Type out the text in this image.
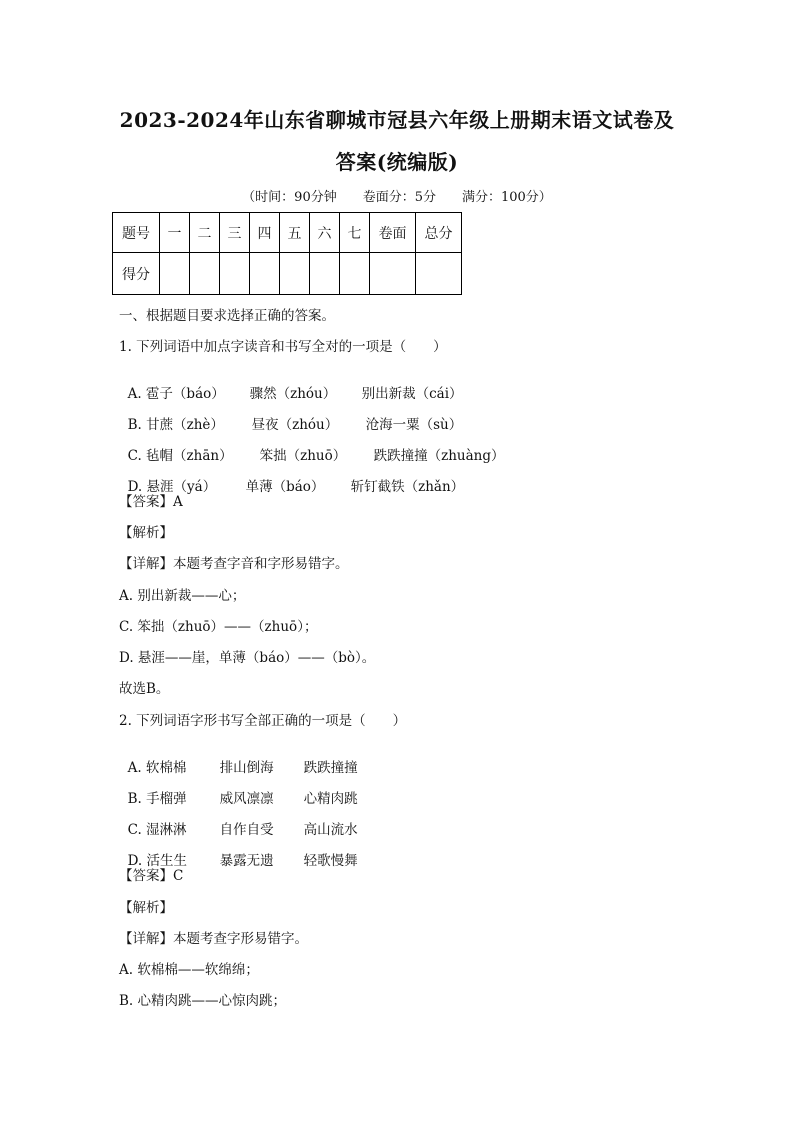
2023-2024年山东省聊城市冠县六年级上册期末语文试卷及
答案(统编版)
（时间：90分钟　　卷面分：5分　　满分：100分）
题号	一	二	三	四	五	六	七	卷面	总分
得分									
一、根据题目要求选择正确的答案。
1. 下列词语中加点字读音和书写全对的一项是（　　）

A. 雹子（báo） 骤然（zhóu） 别出新裁（cái）

B. 甘蔗（zhè） 昼夜（zhóu） 沧海一粟（sù）

C. 毡帽（zhān） 笨拙（zhuō） 跌跌撞撞（zhuàng）

D. 悬涯（yá） 单薄（báo） 斩钉截铁（zhǎn）

【答案】A
【解析】
【详解】本题考查字音和字形易错字。
A. 别出新裁——心；
C. 笨拙（zhuō）——（zhuō）；
D. 悬涯——崖，单薄（báo）——（bò）。
故选B。
2. 下列词语字形书写全部正确的一项是（　　）

A. 软棉棉 排山倒海 跌跌撞撞

B. 手榴弹 威风凛凛 心精肉跳

C. 湿淋淋 自作自受 高山流水

D. 活生生 暴露无遗 轻歌慢舞

【答案】C
【解析】
【详解】本题考查字形易错字。
A. 软棉棉——软绵绵；
B. 心精肉跳——心惊肉跳；
